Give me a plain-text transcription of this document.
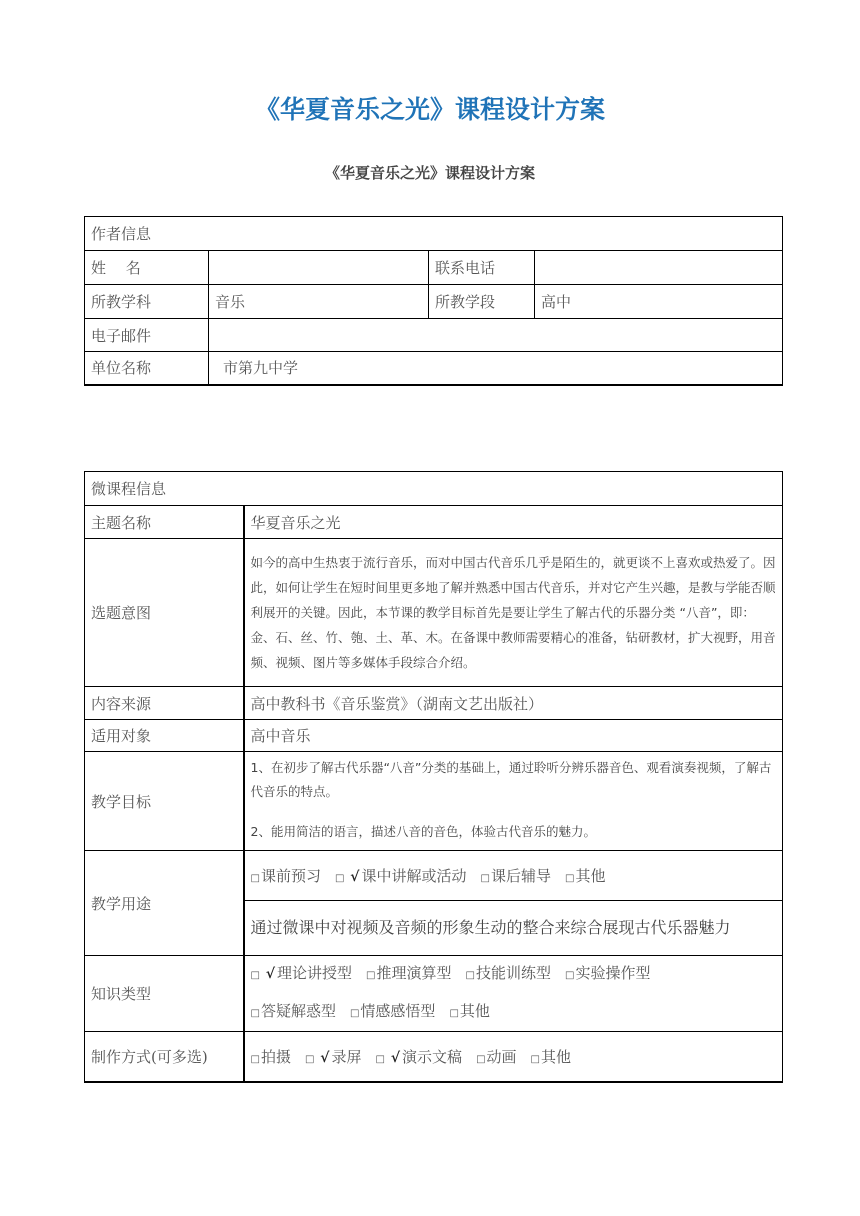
《华夏音乐之光》课程设计方案
《华夏音乐之光》课程设计方案
作者信息			
姓　 名		联系电话	
所教学科	音乐	所教学段	高中
电子邮件			
单位名称	市第九中学		
微课程信息	
主题名称	华夏音乐之光
选题意图	如今的高中生热衷于流行音乐，而对中国古代音乐几乎是陌生的，就更谈不上喜欢或热爱了。因此，如何让学生在短时间里更多地了解并熟悉中国古代音乐，并对它产生兴趣，是教与学能否顺利展开的关键。因此，本节课的教学目标首先是要让学生了解古代的乐器分类 “八音”，即：金、石、丝、竹、匏、土、革、木。在备课中教师需要精心的准备，钻研教材，扩大视野，用音频、视频、图片等多媒体手段综合介绍。

内容来源	高中教科书《音乐鉴赏》（湖南文艺出版社）
适用对象	高中音乐
教学目标	1、在初步了解古代乐器“八音”分类的基础上，通过聆听分辨乐器音色、观看演奏视频，了解古代音乐的特点。

2、能用简洁的语言，描述八音的音色，体验古代音乐的魅力。

教学用途	□课前预习 □ √ 课中讲解或活动 □课后辅导 □其他

	通过微课中对视频及音频的形象生动的整合来综合展现古代乐器魅力

知识类型	□ √ 理论讲授型 □推理演算型 □技能训练型 □实验操作型
□答疑解惑型 □情感感悟型 □其他

制作方式(可多选)	□拍摄 □ √ 录屏 □ √ 演示文稿 □动画 □其他
